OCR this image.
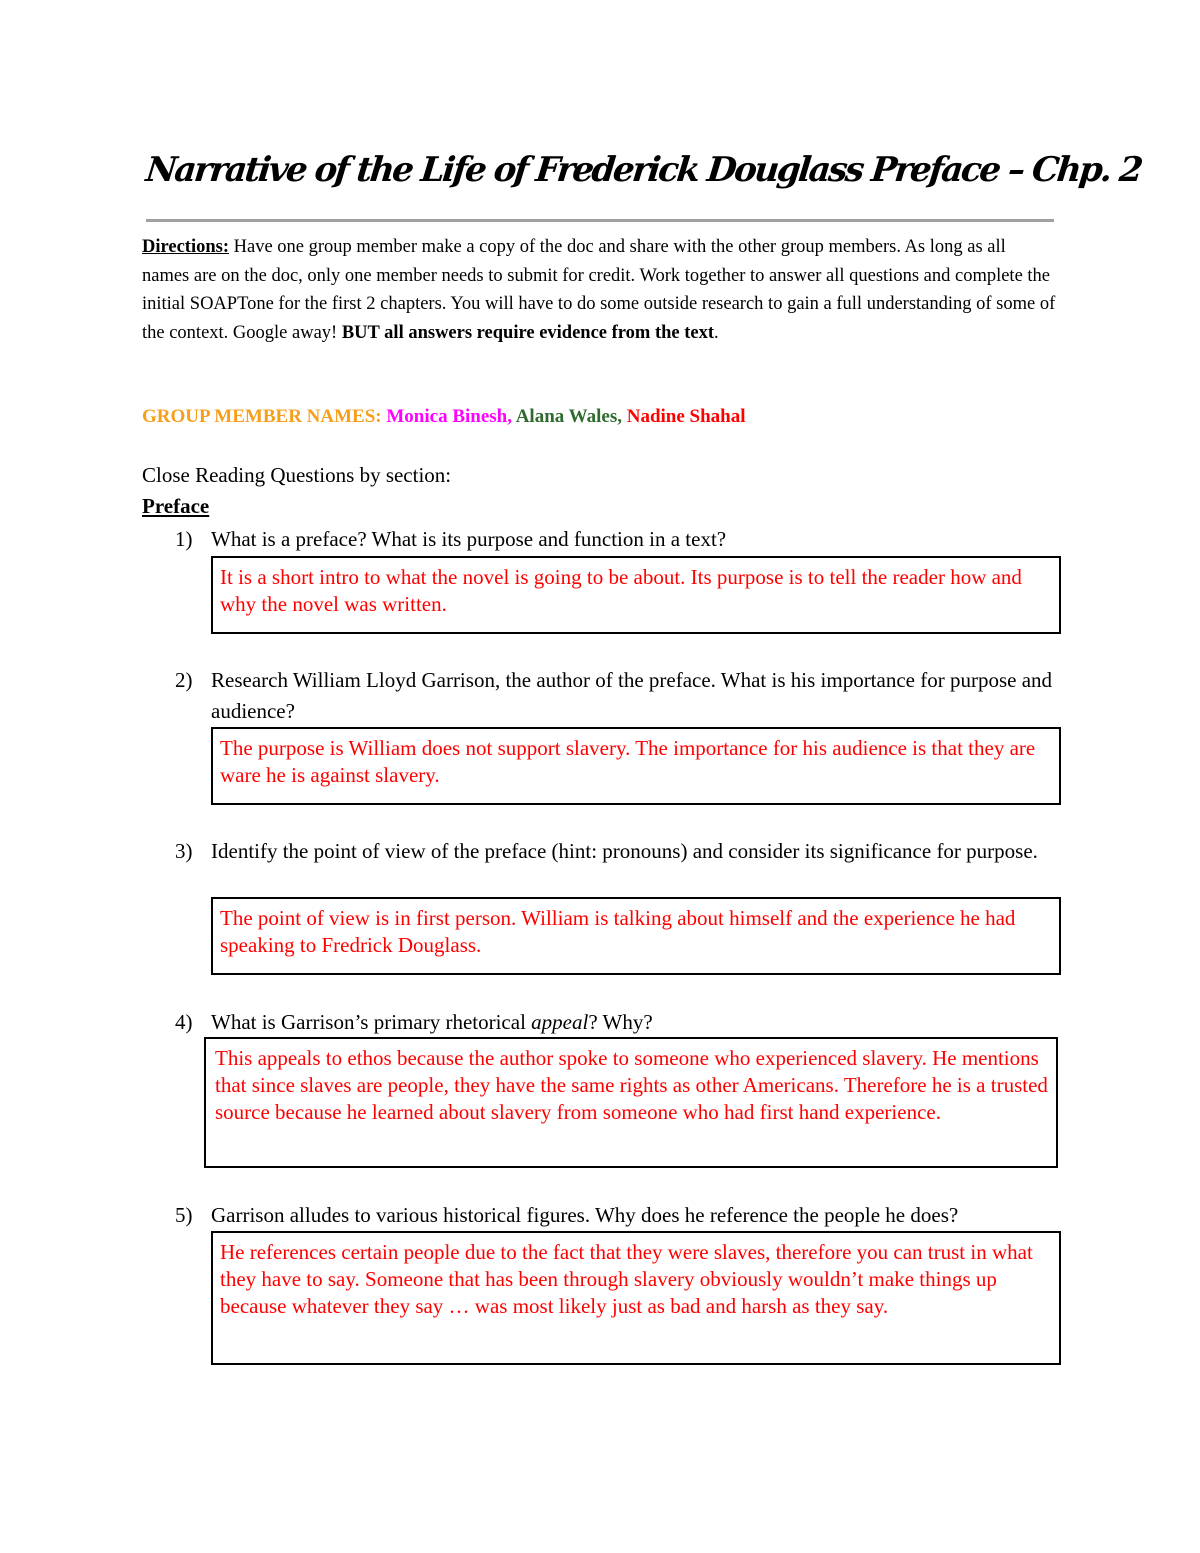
Narrative of the Life of Frederick Douglass Preface – Chp. 2
Directions: Have one group member make a copy of the doc and share with the other group members. As long as all names are on the doc, only one member needs to submit for credit. Work together to answer all questions and complete the initial SOAPTone for the first 2 chapters. You will have to do some outside research to gain a full understanding of some of the context. Google away! BUT all answers require evidence from the text.
GROUP MEMBER NAMES: Monica Binesh, Alana Wales, Nadine Shahal
Close Reading Questions by section:
Preface
1) What is a preface? What is its purpose and function in a text?
It is a short intro to what the novel is going to be about. Its purpose is to tell the reader how and why the novel was written.
2) Research William Lloyd Garrison, the author of the preface. What is his importance for purpose and audience?
The purpose is William does not support slavery. The importance for his audience is that they are ware he is against slavery.
3) Identify the point of view of the preface (hint: pronouns) and consider its significance for purpose.
The point of view is in first person. William is talking about himself and the experience he had speaking to Fredrick Douglass.
4) What is Garrison’s primary rhetorical appeal? Why?
This appeals to ethos because the author spoke to someone who experienced slavery. He mentions that since slaves are people, they have the same rights as other Americans. Therefore he is a trusted source because he learned about slavery from someone who had first hand experience.
5) Garrison alludes to various historical figures. Why does he reference the people he does?
He references certain people due to the fact that they were slaves, therefore you can trust in what they have to say. Someone that has been through slavery obviously wouldn’t make things up because whatever they say … was most likely just as bad and harsh as they say.
